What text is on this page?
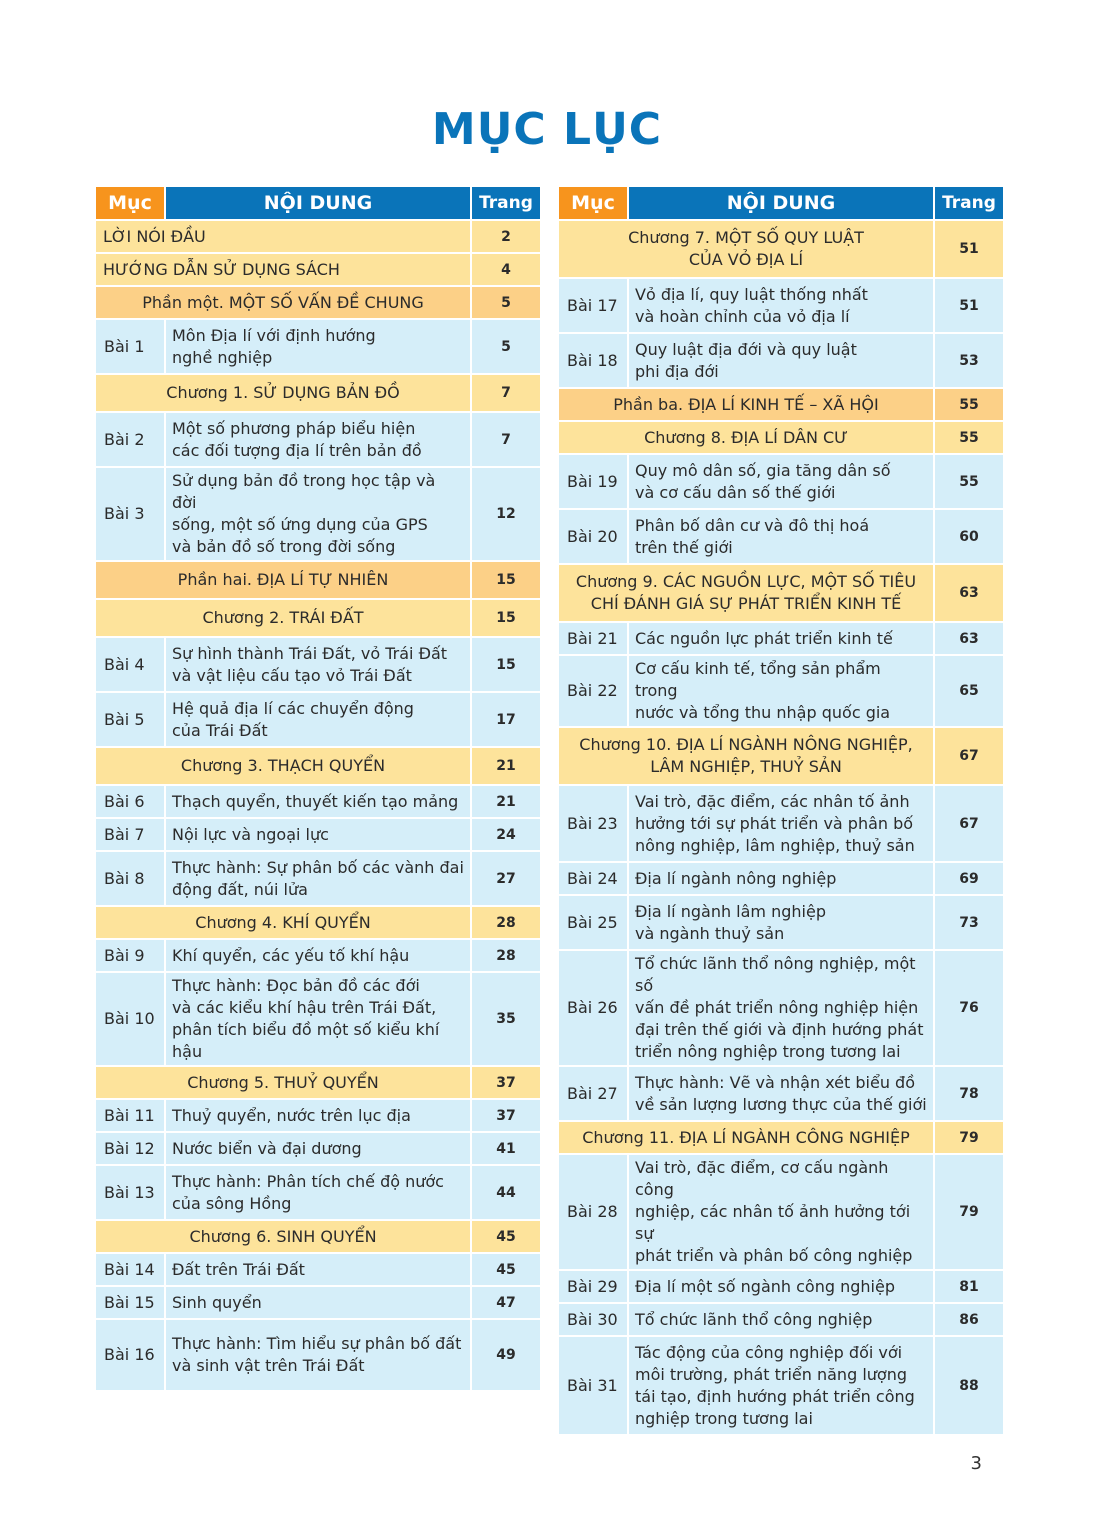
MỤC LỤC
Mục	NỘI DUNG	Trang
LỜI NÓI ĐẦU		2
HƯỚNG DẪN SỬ DỤNG SÁCH		4
Phần một. MỘT SỐ VẤN ĐỀ CHUNG		5
Bài 1	Môn Địa lí với định hướng
nghề nghiệp	5
Chương 1. SỬ DỤNG BẢN ĐỒ		7
Bài 2	Một số phương pháp biểu hiện
các đối tượng địa lí trên bản đồ	7
Bài 3	Sử dụng bản đồ trong học tập và đời
sống, một số ứng dụng của GPS
và bản đồ số trong đời sống	12
Phần hai. ĐỊA LÍ TỰ NHIÊN		15
Chương 2. TRÁI ĐẤT		15
Bài 4	Sự hình thành Trái Đất, vỏ Trái Đất
và vật liệu cấu tạo vỏ Trái Đất	15
Bài 5	Hệ quả địa lí các chuyển động
của Trái Đất	17
Chương 3. THẠCH QUYỂN		21
Bài 6	Thạch quyển, thuyết kiến tạo mảng	21
Bài 7	Nội lực và ngoại lực	24
Bài 8	Thực hành: Sự phân bố các vành đai
động đất, núi lửa	27
Chương 4. KHÍ QUYỂN		28
Bài 9	Khí quyển, các yếu tố khí hậu	28
Bài 10	Thực hành: Đọc bản đồ các đới
và các kiểu khí hậu trên Trái Đất,
phân tích biểu đồ một số kiểu khí hậu	35
Chương 5. THUỶ QUYỂN		37
Bài 11	Thuỷ quyển, nước trên lục địa	37
Bài 12	Nước biển và đại dương	41
Bài 13	Thực hành: Phân tích chế độ nước
của sông Hồng	44
Chương 6. SINH QUYỂN		45
Bài 14	Đất trên Trái Đất	45
Bài 15	Sinh quyển	47
Bài 16	Thực hành: Tìm hiểu sự phân bố đất
và sinh vật trên Trái Đất	49
Mục	NỘI DUNG	Trang
Chương 7. MỘT SỐ QUY LUẬT
CỦA VỎ ĐỊA LÍ		51
Bài 17	Vỏ địa lí, quy luật thống nhất
và hoàn chỉnh của vỏ địa lí	51
Bài 18	Quy luật địa đới và quy luật
phi địa đới	53
Phần ba. ĐỊA LÍ KINH TẾ – XÃ HỘI		55
Chương 8. ĐỊA LÍ DÂN CƯ		55
Bài 19	Quy mô dân số, gia tăng dân số
và cơ cấu dân số thế giới	55
Bài 20	Phân bố dân cư và đô thị hoá
trên thế giới	60
Chương 9. CÁC NGUỒN LỰC, MỘT SỐ TIÊU
CHÍ ĐÁNH GIÁ SỰ PHÁT TRIỂN KINH TẾ		63
Bài 21	Các nguồn lực phát triển kinh tế	63
Bài 22	Cơ cấu kinh tế, tổng sản phẩm trong
nước và tổng thu nhập quốc gia	65
Chương 10. ĐỊA LÍ NGÀNH NÔNG NGHIỆP,
LÂM NGHIỆP, THUỶ SẢN		67
Bài 23	Vai trò, đặc điểm, các nhân tố ảnh
hưởng tới sự phát triển và phân bố
nông nghiệp, lâm nghiệp, thuỷ sản	67
Bài 24	Địa lí ngành nông nghiệp	69
Bài 25	Địa lí ngành lâm nghiệp
và ngành thuỷ sản	73
Bài 26	Tổ chức lãnh thổ nông nghiệp, một số
vấn đề phát triển nông nghiệp hiện
đại trên thế giới và định hướng phát
triển nông nghiệp trong tương lai	76
Bài 27	Thực hành: Vẽ và nhận xét biểu đồ
về sản lượng lương thực của thế giới	78
Chương 11. ĐỊA LÍ NGÀNH CÔNG NGHIỆP		79
Bài 28	Vai trò, đặc điểm, cơ cấu ngành công
nghiệp, các nhân tố ảnh hưởng tới sự
phát triển và phân bố công nghiệp	79
Bài 29	Địa lí một số ngành công nghiệp	81
Bài 30	Tổ chức lãnh thổ công nghiệp	86
Bài 31	Tác động của công nghiệp đối với
môi trường, phát triển năng lượng
tái tạo, định hướng phát triển công
nghiệp trong tương lai	88
3
